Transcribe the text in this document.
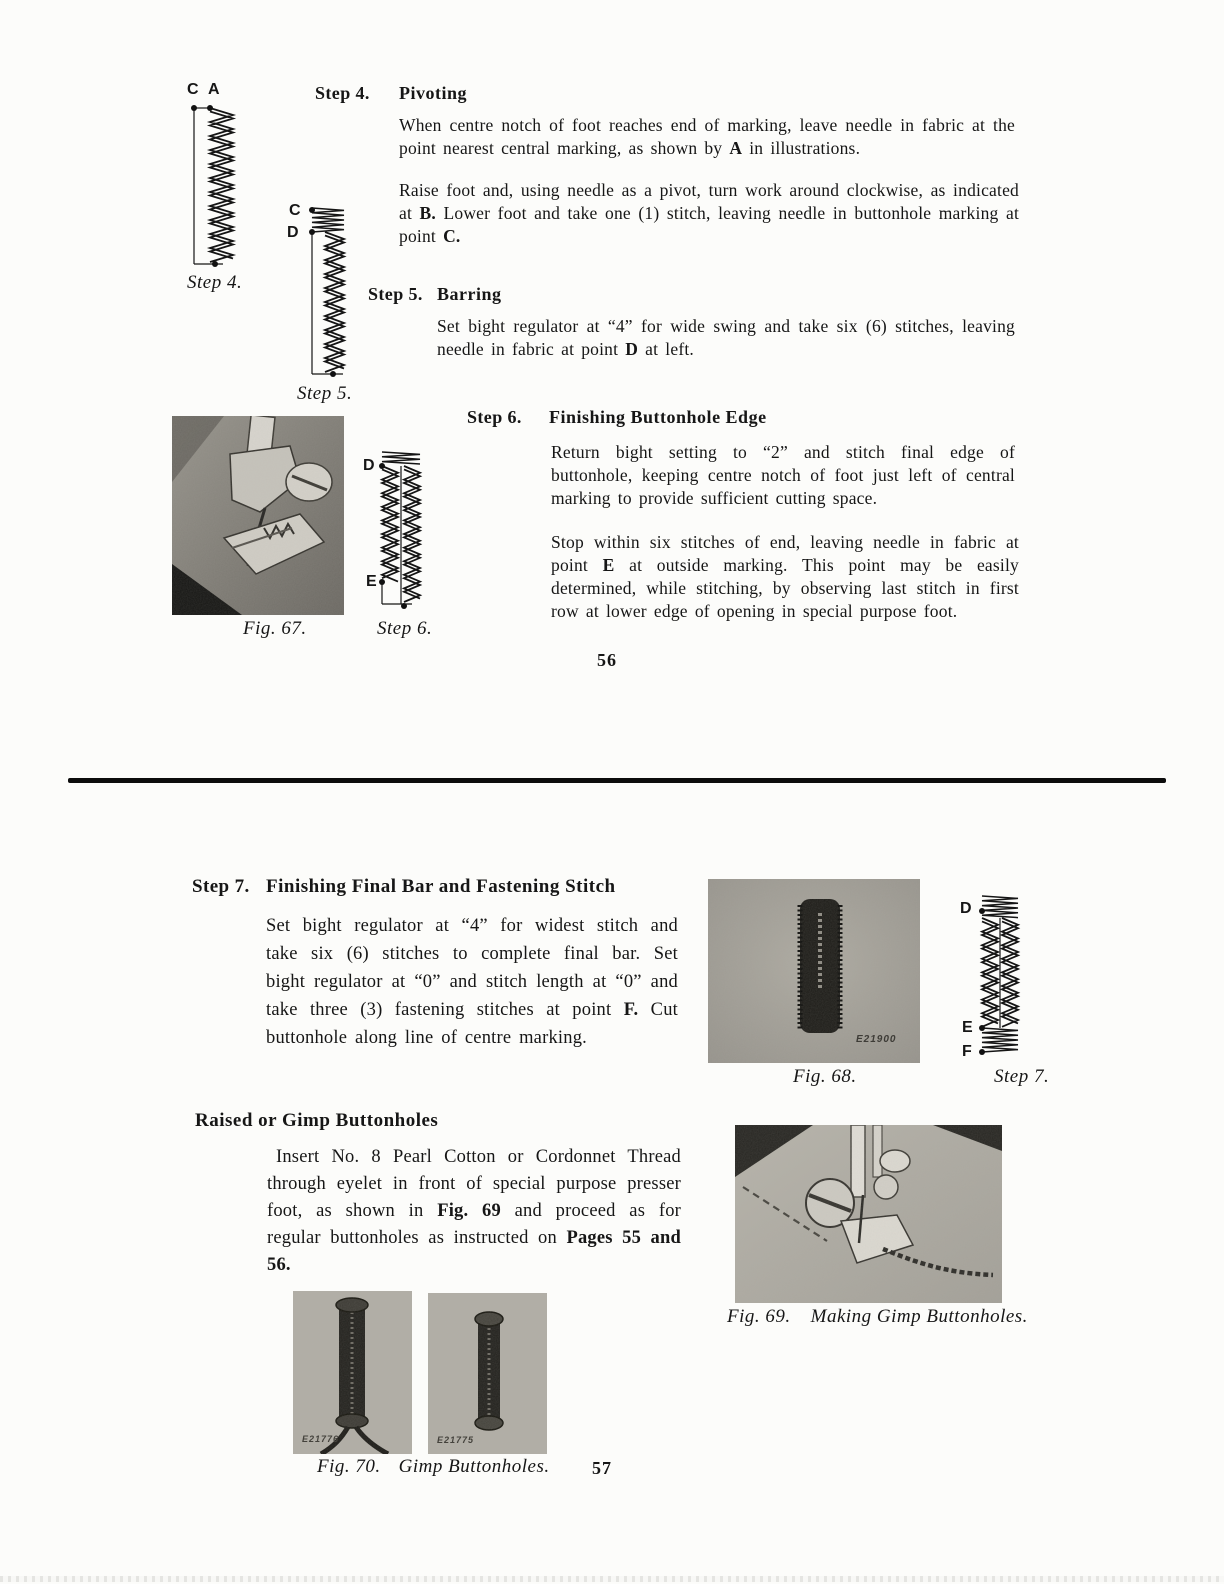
C A
Step 4.
Step 4. Pivoting

When centre notch of foot reaches end of marking, leave needle in fabric at the point nearest central marking, as shown by A in illustrations.

Raise foot and, using needle as a pivot, turn work around clockwise, as indicated at B. Lower foot and take one (1) stitch, leaving needle in buttonhole marking at point C.

C
D
Step 5.
Step 5. Barring

Set bight regulator at “4” for wide swing and take six (6) stitches, leaving needle in fabric at point D at left.

Fig. 67.
D
E
Step 6.
Step 6. Finishing Buttonhole Edge

Return bight setting to “2” and stitch final edge of buttonhole, keeping centre notch of foot just left of central marking to provide sufficient cutting space.

Stop within six stitches of end, leaving needle in fabric at point E at outside marking. This point may be easily determined, while stitching, by observing last stitch in first row at lower edge of opening in special purpose foot.

56
Step 7. Finishing Final Bar and Fastening Stitch

Set bight regulator at “4” for widest stitch and take six (6) stitches to complete final bar. Set bight regulator at “0” and stitch length at “0” and take three (3) fastening stitches at point F. Cut buttonhole along line of centre marking.	E21900
Fig. 68.
D
E
F
Step 7.
Raised or Gimp Buttonholes

Insert No. 8 Pearl Cotton or Cordonnet Thread through eyelet in front of special purpose presser foot, as shown in Fig. 69 and proceed as for regular buttonholes as instructed on Pages 55 and 56.

Fig. 69. Making Gimp Buttonholes.
E21776	E21775
Fig. 70. Gimp Buttonholes. 57
